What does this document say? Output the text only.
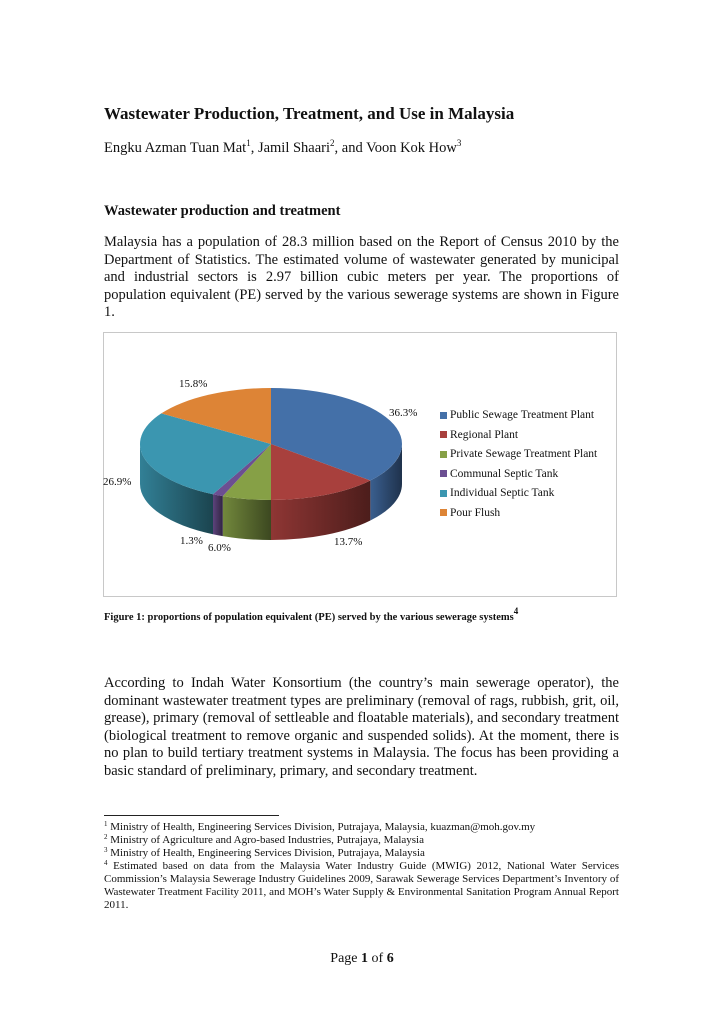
Wastewater Production, Treatment, and Use in Malaysia
Engku Azman Tuan Mat$^1$, Jamil Shaari$^2$, and Voon Kok How$^3$
Wastewater production and treatment
Malaysia has a population of 28.3 million based on the Report of Census 2010 by the Department of Statistics. The estimated volume of wastewater generated by municipal and industrial sectors is 2.97 billion cubic meters per year. The proportions of population equivalent (PE) served by the various sewerage systems are shown in Figure 1.
36.3%
13.7%
6.0%
1.3%
26.9%
15.8%
Public Sewage Treatment Plant
Regional Plant
Private Sewage Treatment Plant
Communal Septic Tank
Individual Septic Tank
Pour Flush
Figure 1: proportions of population equivalent (PE) served by the various sewerage systems$^4$
According to Indah Water Konsortium (the country’s main sewerage operator), the dominant wastewater treatment types are preliminary (removal of rags, rubbish, grit, oil, grease), primary (removal of settleable and floatable materials), and secondary treatment (biological treatment to remove organic and suspended solids). At the moment, there is no plan to build tertiary treatment systems in Malaysia. The focus has been providing a basic standard of preliminary, primary, and secondary treatment.
$^1$ Ministry of Health, Engineering Services Division, Putrajaya, Malaysia, kuazman@moh.gov.my
$^2$ Ministry of Agriculture and Agro-based Industries, Putrajaya, Malaysia
$^3$ Ministry of Health, Engineering Services Division, Putrajaya, Malaysia
$^4$ Estimated based on data from the Malaysia Water Industry Guide (MWIG) 2012, National Water Services Commission’s Malaysia Sewerage Industry Guidelines 2009, Sarawak Sewerage Services Department’s Inventory of Wastewater Treatment Facility 2011, and MOH’s Water Supply & Environmental Sanitation Program Annual Report 2011.
Page 1 of 6
